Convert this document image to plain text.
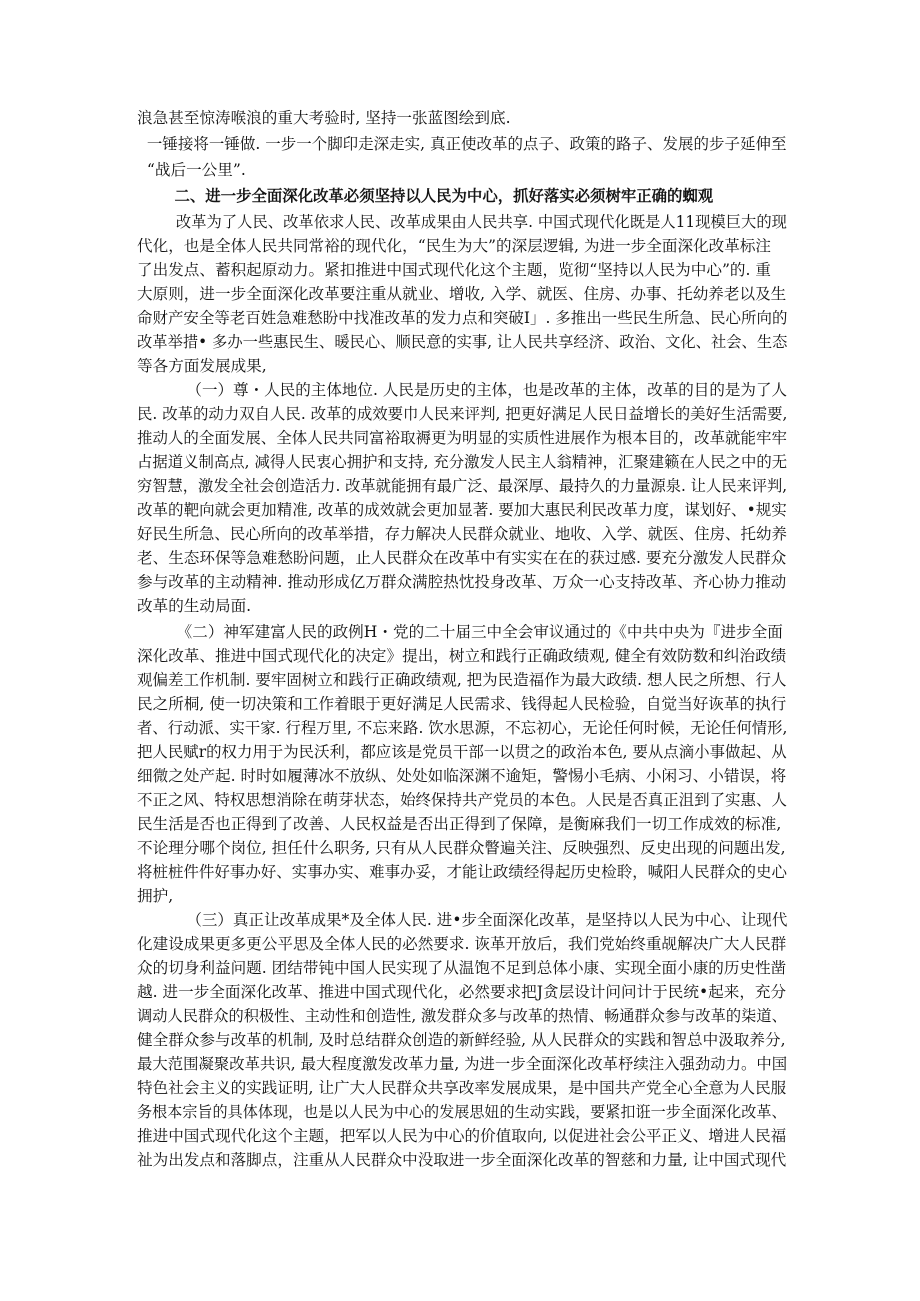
浪急甚至惊涛喉浪的重大考验时, 坚持一张蓝图绘到底.
一锤接将一锤做. 一步一个脚印走深走实, 真正使改革的点子、政策的路子、发展的步子延伸至
“战后一公里”.
二、进一步全面深化改革必须坚持以人民为中心，抓好落实必须树牢正确的蜘观
改革为了人民、改革依求人民、改革成果由人民共享. 中国式现代化既是人11现模巨大的现
代化，也是全体人民共同常裕的现代化，“民生为大”的深层逻辑, 为进一步全面深化改革标注
了出发点、蓄积起原动力。紧扣推进中国式现代化这个主题，览彻“坚持以人民为中心”的. 重
大原则，进一步全面深化改革要注重从就业、增收, 入学、就医、住房、办事、托幼养老以及生
命财产安全等老百姓急难愁盼中找准改革的发力点和突破I」. 多推出一些民生所急、民心所向的
改革举措• 多办一些惠民生、暖民心、顺民意的实事, 让人民共享经济、政治、文化、社会、生态
等各方面发展成果,
（一）尊・人民的主体地位. 人民是历史的主体，也是改革的主体，改革的目的是为了人
民. 改革的动力双自人民. 改革的成效要巾人民来评判, 把更好满足人民日益增长的美好生活需要,
推动人的全面发展、全体人民共同富裕取褥更为明显的实质性进展作为根本目的，改革就能牢牢
占据道义制高点, 减得人民衷心拥护和支持, 充分激发人民主人翁精神，汇聚建籁在人民之中的无
穷智慧，激发全社会创造活力. 改革就能拥有最广泛、最深厚、最持久的力量源泉. 让人民来评判,
改革的靶向就会更加精准, 改革的成效就会更加显著. 要加大惠民利民改革力度，谋划好、•规实
好民生所急、民心所向的改革举措，存力解决人民群众就业、地收、入学、就医、住房、托幼养
老、生态环保等急难愁盼问题，止人民群众在改革中有实实在在的获过感. 要充分激发人民群众
参与改革的主动精神. 推动形成亿万群众满腔热忱投身改革、万众一心支持改革、齐心协力推动
改革的生动局面.
《二）神军建富人民的政例H・党的二十届三中全会审议通过的《中共中央为『进步全面
深化改革、推进中国式现代化的决定》提出，树立和践行正确政绩观, 健全有效防数和纠治政绩
观偏差工作机制. 要牢固树立和践行正确政绩观, 把为民造福作为最大政绩. 想人民之所想、行人
民之所桐, 使一切决策和工作着眼于更好满足人民需求、钱得起人民检验，自觉当好诙革的执行
者、行动派、实干家. 行程万里, 不忘来路. 饮水思源，不忘初心，无论任何时候，无论任何情形,
把人民赋r的权力用于为民沃利，都应该是党员干部一以贯之的政治本色, 要从点滴小事做起、从
细微之处产起. 时时如履薄冰不放纵、处处如临深渊不逾矩，警惕小毛病、小闲习、小错误，将
不正之风、特权思想消除在萌芽状态，始终保持共产党员的本色。人民是否真正沮到了实惠、人
民生活是否也正得到了改善、人民权益是否出正得到了保障，是衡麻我们一切工作成效的标准,
不论理分哪个岗位, 担任什么职务, 只有从人民群众瞥遍关注、反映强烈、反史出现的问题出发,
将桩桩件件好事办好、实事办实、难事办妥，才能让政绩经得起历史检聆，喊阳人民群众的史心
拥护,
（三）真正让改革成果*及全体人民. 进•步全面深化改革，是坚持以人民为中心、让现代
化建设成果更多更公平思及全体人民的必然要求. 诙革开放后，我们党始终重觇解决广大人民群
众的切身利益问题. 团结带钝中国人民实现了从温饱不足到总体小康、实现全面小康的历史性凿
越. 进一步全面深化改革、推进中国式现代化，必然要求把J贪层设计问问计于民统•起来，充分
调动人民群众的积极性、主动性和创造性, 激发群众多与改革的热情、畅通群众参与改革的柒道、
健全群众参与改革的机制, 及时总结群众创造的新鲜经验, 从人民群众的实践和智总中汲取养分,
最大范围凝聚改革共识, 最大程度激发改革力量, 为进一步全面深化改革杼续注入强劲动力。中国
特色社会主义的实践证明, 让广大人民群众共享改率发展成果，是中国共产党全心全意为人民服
务根本宗旨的具体体现，也是以人民为中心的发展思妞的生动实践，要紧扣诳一步全面深化改革、
推进中国式现代化这个主题，把军以人民为中心的价值取向, 以促进社会公平正义、增进人民福
祉为出发点和落脚点，注重从人民群众中没取进一步全面深化改革的智慈和力量, 让中国式现代
